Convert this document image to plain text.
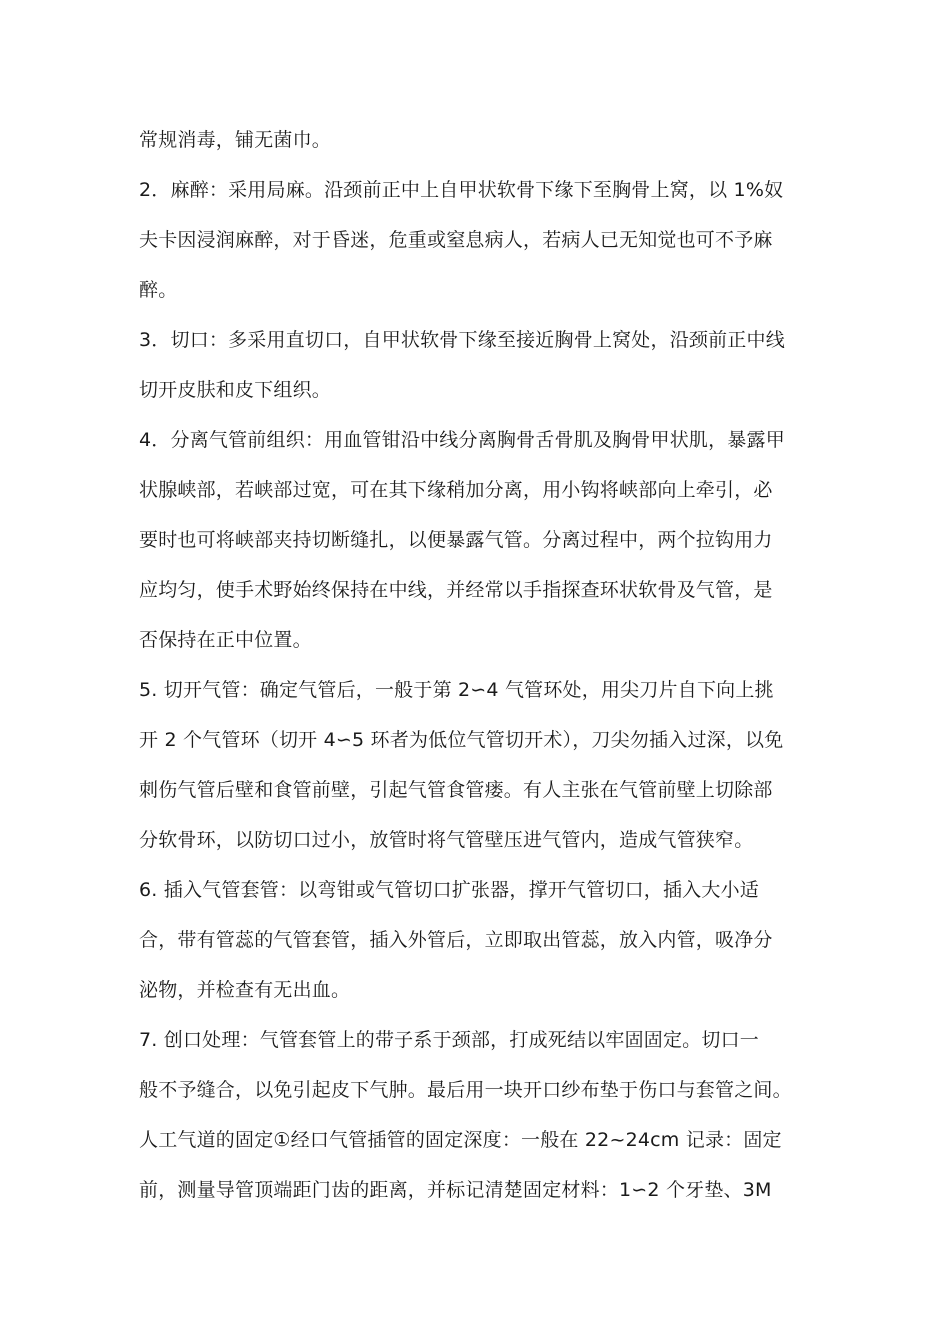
常规消毒，铺无菌巾。
2．麻醉：采用局麻。沿颈前正中上自甲状软骨下缘下至胸骨上窝，以 1%奴
夫卡因浸润麻醉，对于昏迷，危重或窒息病人，若病人已无知觉也可不予麻
醉。
3．切口：多采用直切口，自甲状软骨下缘至接近胸骨上窝处，沿颈前正中线
切开皮肤和皮下组织。
4．分离气管前组织：用血管钳沿中线分离胸骨舌骨肌及胸骨甲状肌，暴露甲
状腺峡部，若峡部过宽，可在其下缘稍加分离，用小钩将峡部向上牵引，必
要时也可将峡部夹持切断缝扎，以便暴露气管。分离过程中，两个拉钩用力
应均匀，使手术野始终保持在中线，并经常以手指探查环状软骨及气管，是
否保持在正中位置。
5. 切开气管：确定气管后，一般于第 2∽4 气管环处，用尖刀片自下向上挑
开 2 个气管环（切开 4∽5 环者为低位气管切开术），刀尖勿插入过深，以免
刺伤气管后壁和食管前壁，引起气管食管瘘。有人主张在气管前壁上切除部
分软骨环，以防切口过小，放管时将气管壁压进气管内，造成气管狭窄。
6. 插入气管套管：以弯钳或气管切口扩张器，撑开气管切口，插入大小适
合，带有管蕊的气管套管，插入外管后，立即取出管蕊，放入内管，吸净分
泌物，并检查有无出血。
7. 创口处理：气管套管上的带子系于颈部，打成死结以牢固固定。切口一
般不予缝合，以免引起皮下气肿。最后用一块开口纱布垫于伤口与套管之间。
人工气道的固定①经口气管插管的固定深度：一般在 22~24cm 记录：固定
前，测量导管顶端距门齿的距离，并标记清楚固定材料：1∽2 个牙垫、3M
